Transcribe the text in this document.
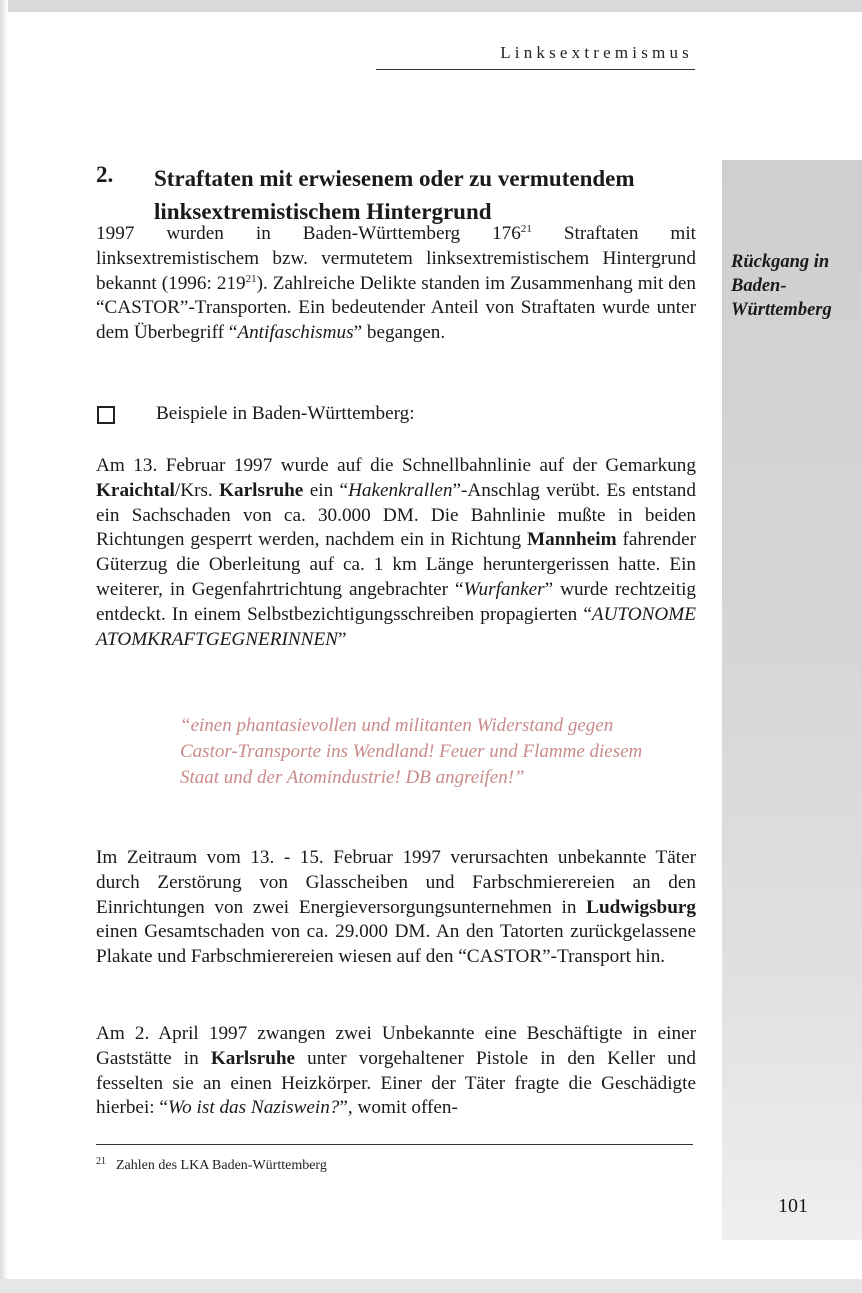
Linksextremismus
2. Straftaten mit erwiesenem oder zu vermutendem linksextremistischem Hintergrund
Rückgang in Baden-Württemberg

1997 wurden in Baden-Württemberg $176^{21}$ Straftaten mit linksextremistischem bzw. vermutetem linksextremistischem Hintergrund bekannt (1996: $219^{21}$). Zahlreiche Delikte standen im Zusammenhang mit den “CASTOR”-Transporten. Ein bedeutender Anteil von Straftaten wurde unter dem Überbegriff “Antifaschismus” begangen.

Beispiele in Baden-Württemberg:

Am 13. Februar 1997 wurde auf die Schnellbahnlinie auf der Gemarkung Kraichtal/Krs. Karlsruhe ein “Hakenkrallen”-Anschlag verübt. Es entstand ein Sachschaden von ca. 30.000 DM. Die Bahnlinie mußte in beiden Richtungen gesperrt werden, nachdem ein in Richtung Mannheim fahrender Güterzug die Oberleitung auf ca. 1 km Länge heruntergerissen hatte. Ein weiterer, in Gegenfahrtrichtung angebrachter “Wurfanker” wurde rechtzeitig entdeckt. In einem Selbstbezichtigungsschreiben propagierten “AUTONOME ATOMKRAFTGEGNERINNEN”

“einen phantasievollen und militanten Widerstand gegen Castor-Transporte ins Wendland! Feuer und Flamme diesem Staat und der Atomindustrie! DB angreifen!”

Im Zeitraum vom 13. - 15. Februar 1997 verursachten unbekannte Täter durch Zerstörung von Glasscheiben und Farbschmierereien an den Einrichtungen von zwei Energieversorgungsunternehmen in Ludwigsburg einen Gesamtschaden von ca. 29.000 DM. An den Tatorten zurückgelassene Plakate und Farbschmierereien wiesen auf den “CASTOR”-Transport hin.

Am 2. April 1997 zwangen zwei Unbekannte eine Beschäftigte in einer Gaststätte in Karlsruhe unter vorgehaltener Pistole in den Keller und fesselten sie an einen Heizkörper. Einer der Täter fragte die Geschädigte hierbei: “Wo ist das Naziswein?”, womit offen-

$^{21}$ Zahlen des LKA Baden-Württemberg
101
